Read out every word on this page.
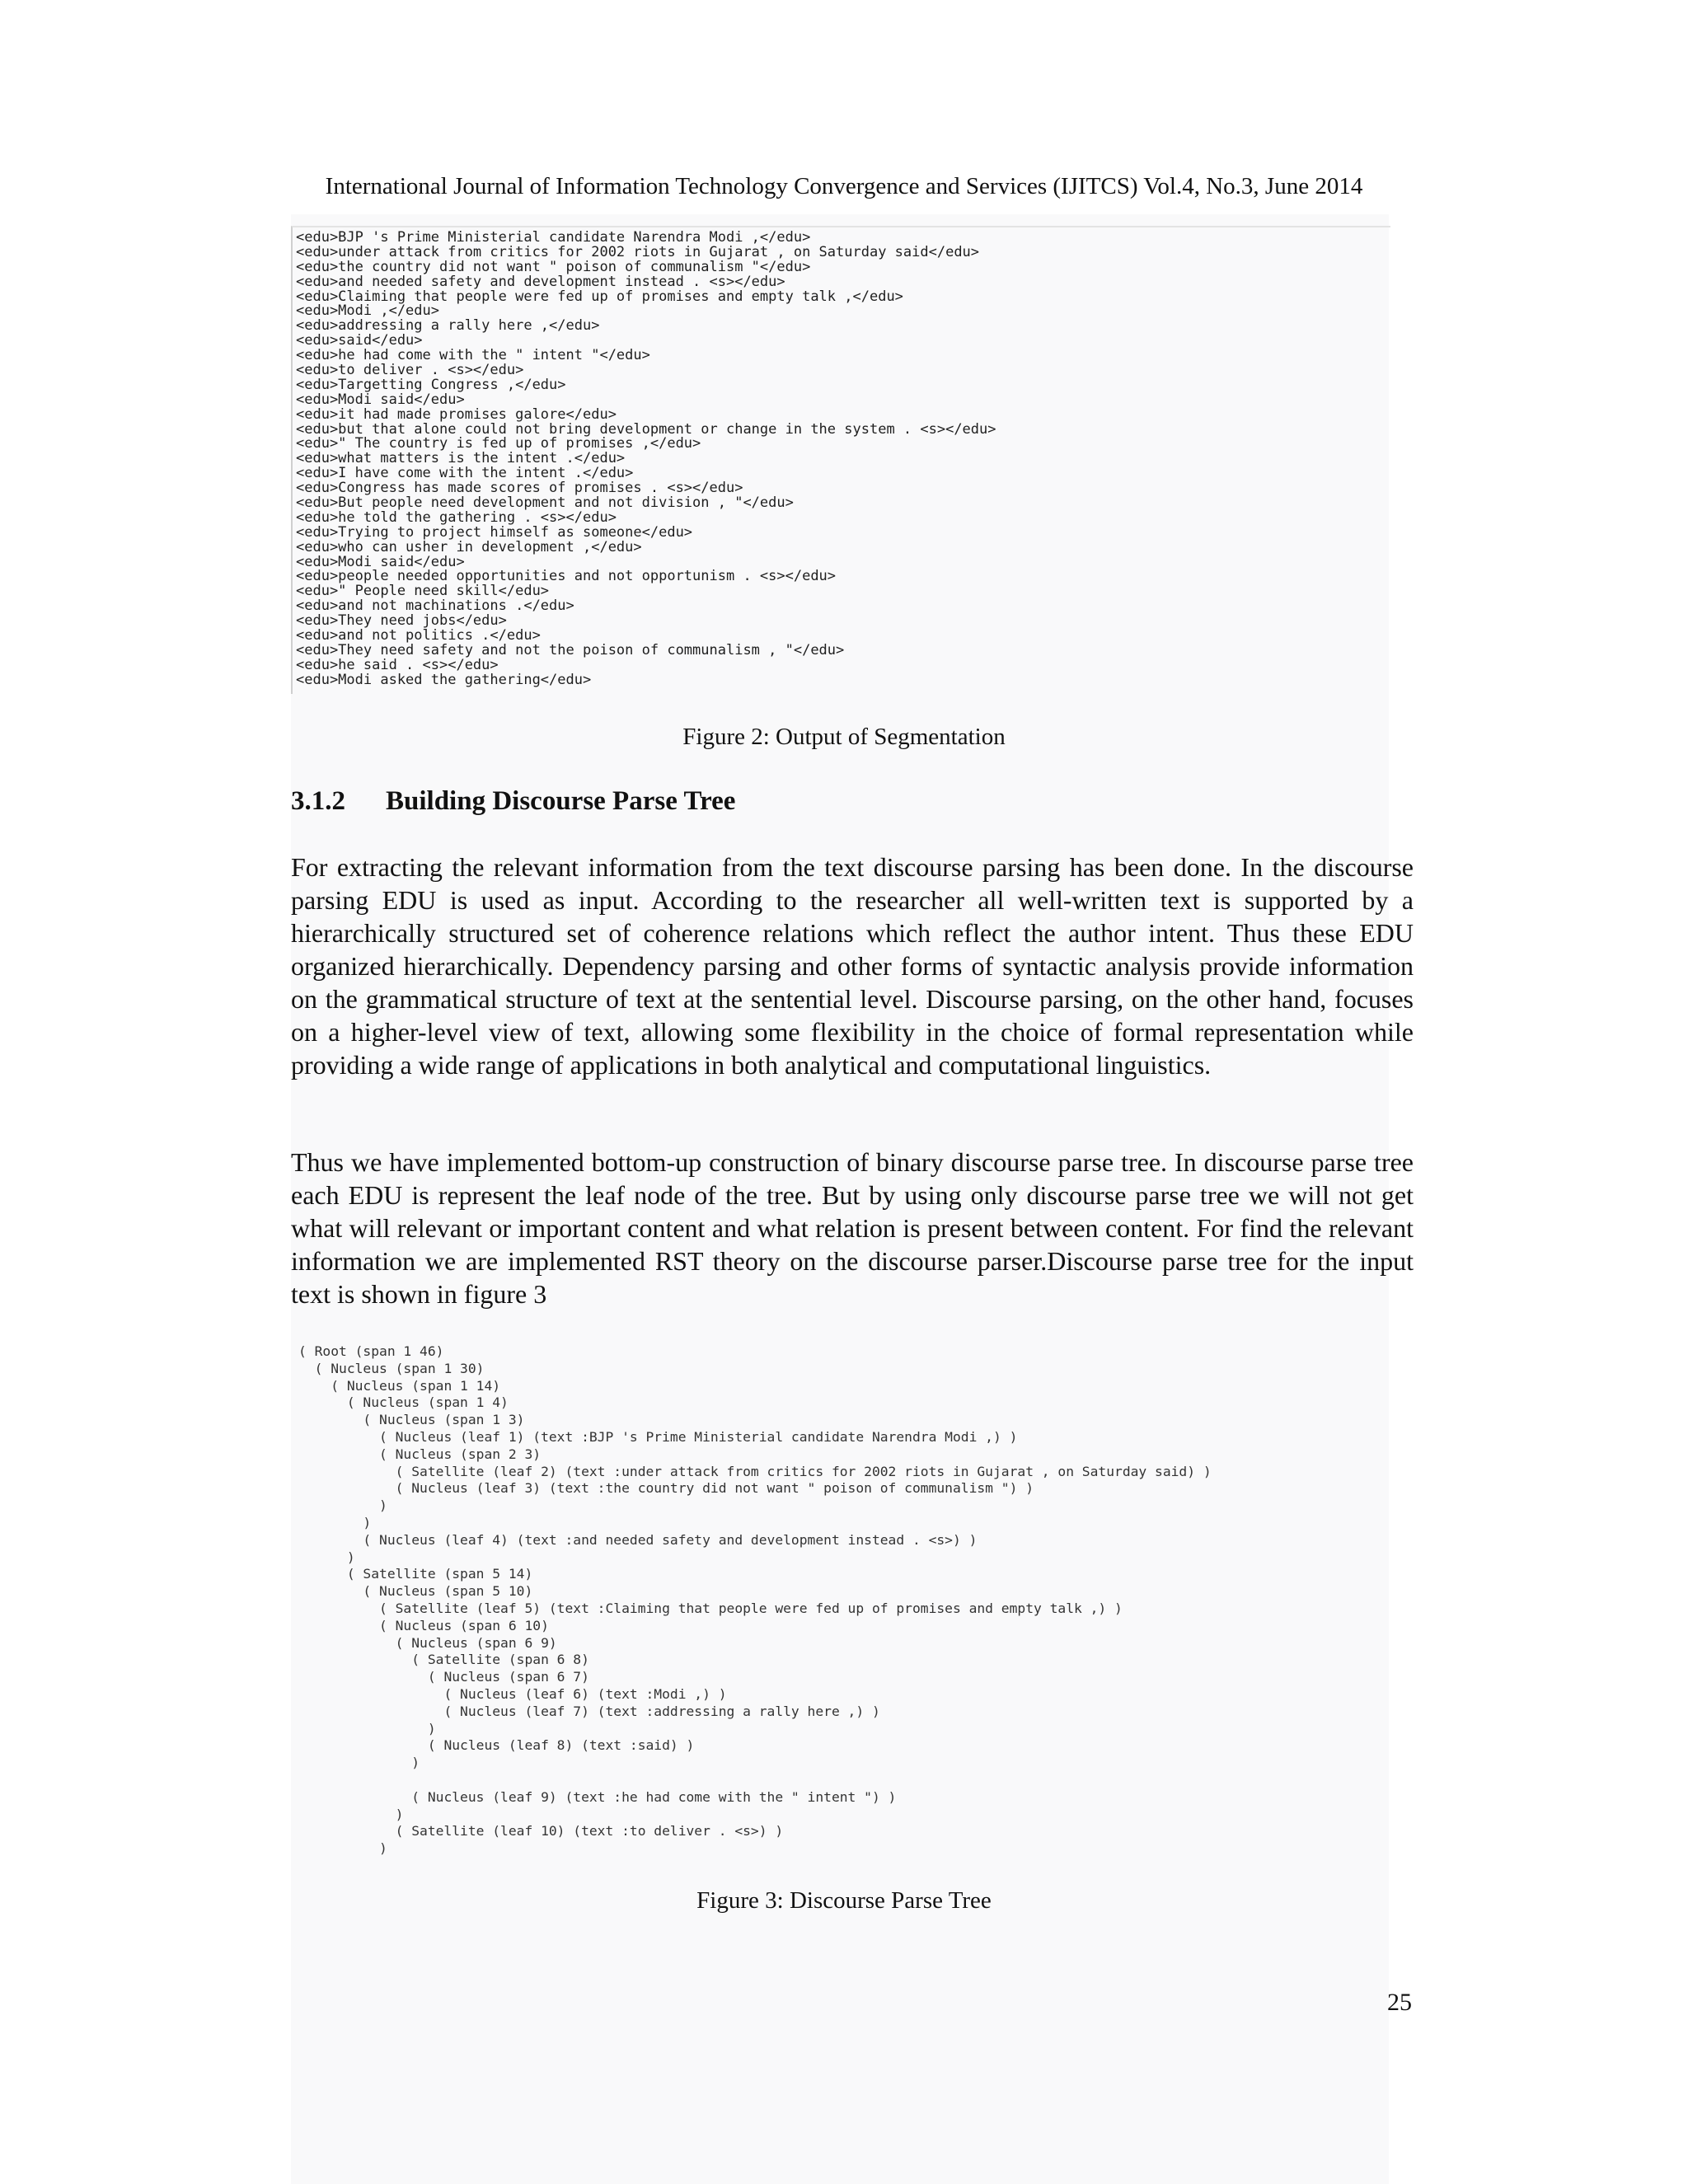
International Journal of Information Technology Convergence and Services (IJITCS) Vol.4, No.3, June 2014
<edu>BJP 's Prime Ministerial candidate Narendra Modi ,</edu>
<edu>under attack from critics for 2002 riots in Gujarat , on Saturday said</edu>
<edu>the country did not want " poison of communalism "</edu>
<edu>and needed safety and development instead . <s></edu>
<edu>Claiming that people were fed up of promises and empty talk ,</edu>
<edu>Modi ,</edu>
<edu>addressing a rally here ,</edu>
<edu>said</edu>
<edu>he had come with the " intent "</edu>
<edu>to deliver . <s></edu>
<edu>Targetting Congress ,</edu>
<edu>Modi said</edu>
<edu>it had made promises galore</edu>
<edu>but that alone could not bring development or change in the system . <s></edu>
<edu>" The country is fed up of promises ,</edu>
<edu>what matters is the intent .</edu>
<edu>I have come with the intent .</edu>
<edu>Congress has made scores of promises . <s></edu>
<edu>But people need development and not division , "</edu>
<edu>he told the gathering . <s></edu>
<edu>Trying to project himself as someone</edu>
<edu>who can usher in development ,</edu>
<edu>Modi said</edu>
<edu>people needed opportunities and not opportunism . <s></edu>
<edu>" People need skill</edu>
<edu>and not machinations .</edu>
<edu>They need jobs</edu>
<edu>and not politics .</edu>
<edu>They need safety and not the poison of communalism , "</edu>
<edu>he said . <s></edu>
<edu>Modi asked the gathering</edu>
Figure 2: Output of Segmentation
3.1.2 Building Discourse Parse Tree

For extracting the relevant information from the text discourse parsing has been done. In the discourse parsing EDU is used as input. According to the researcher all well-written text is supported by a hierarchically structured set of coherence relations which reflect the author intent. Thus these EDU organized hierarchically. Dependency parsing and other forms of syntactic analysis provide information on the grammatical structure of text at the sentential level. Discourse parsing, on the other hand, focuses on a higher-level view of text, allowing some flexibility in the choice of formal representation while providing a wide range of applications in both analytical and computational linguistics.

Thus we have implemented bottom-up construction of binary discourse parse tree. In discourse parse tree each EDU is represent the leaf node of the tree. But by using only discourse parse tree we will not get what will relevant or important content and what relation is present between content. For find the relevant information we are implemented RST theory on the discourse parser.Discourse parse tree for the input text is shown in figure 3

( Root (span 1 46)
( Nucleus (span 1 30)
( Nucleus (span 1 14)
( Nucleus (span 1 4)
( Nucleus (span 1 3)
( Nucleus (leaf 1) (text :BJP 's Prime Ministerial candidate Narendra Modi ,) )
( Nucleus (span 2 3)
( Satellite (leaf 2) (text :under attack from critics for 2002 riots in Gujarat , on Saturday said) )
( Nucleus (leaf 3) (text :the country did not want " poison of communalism ") )
)
)
( Nucleus (leaf 4) (text :and needed safety and development instead . <s>) )
)
( Satellite (span 5 14)
( Nucleus (span 5 10)
( Satellite (leaf 5) (text :Claiming that people were fed up of promises and empty talk ,) )
( Nucleus (span 6 10)
( Nucleus (span 6 9)
( Satellite (span 6 8)
( Nucleus (span 6 7)
( Nucleus (leaf 6) (text :Modi ,) )
( Nucleus (leaf 7) (text :addressing a rally here ,) )
)
( Nucleus (leaf 8) (text :said) )
)
( Nucleus (leaf 9) (text :he had come with the " intent ") )
)
( Satellite (leaf 10) (text :to deliver . <s>) )
)
Figure 3: Discourse Parse Tree
25
